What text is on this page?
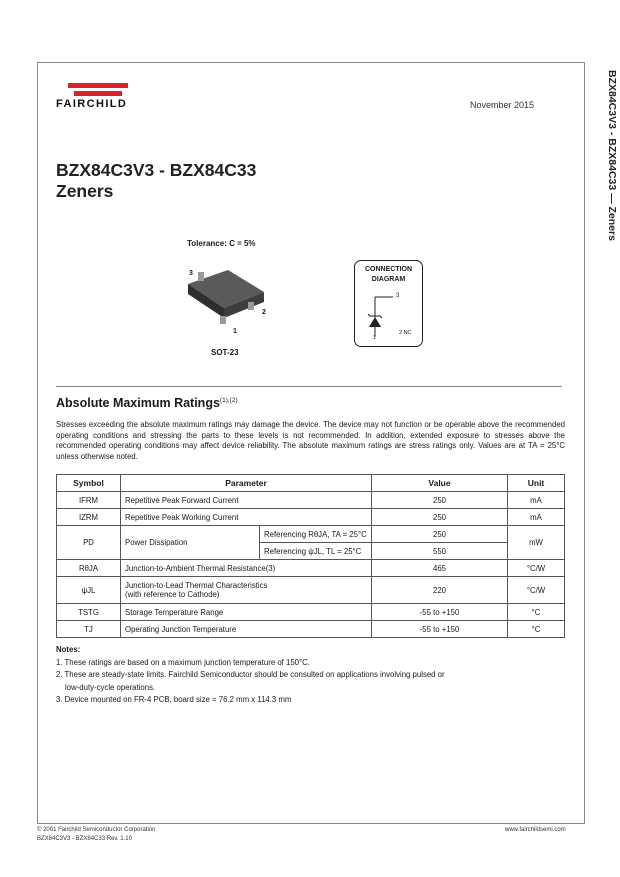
FAIRCHILD	November 2015	BZX84C3V3 - BZX84C33 — Zeners
BZX84C3V3 - BZX84C33
Zeners
Tolerance: C = 5%
3
2
1
SOT-23
CONNECTION
DIAGRAM
3
1
2 NC
Absolute Maximum Ratings$^{(1),(2)}$
Stresses exceeding the absolute maximum ratings may damage the device. The device may not function or be operable above the recommended operating conditions and stressing the parts to these levels is not recommended. In addition, extended exposure to stresses above the recommended operating conditions may affect device reliability. The absolute maximum ratings are stress ratings only. Values are at TA = 25°C unless otherwise noted.
Symbol	Parameter		Value	Unit
IFRM	Repetitive Peak Forward Current		250	mA
IZRM	Repetitive Peak Working Current		250	mA
PD	Power Dissipation	Referencing RθJA, TA = 25°C	250	mW
		Referencing ψJL, TL = 25°C	550	
RθJA	Junction-to-Ambient Thermal Resistance(3)		465	°C/W
ψJL	Junction-to-Lead Thermal Characteristics
(with reference to Cathode)		220	°C/W
TSTG	Storage Temperature Range		-55 to +150	°C
TJ	Operating Junction Temperature		-55 to +150	°C
Notes:
1. These ratings are based on a maximum junction temperature of 150°C.
2. These are steady-state limits. Fairchild Semiconductor should be consulted on applications involving pulsed or
low-duty-cycle operations.
3. Device mounted on FR-4 PCB, board size = 76.2 mm x 114.3 mm
© 2001 Fairchild Semiconductor Corporation
BZX84C3V3 - BZX84C33 Rev. 1.10
www.fairchildsemi.com
